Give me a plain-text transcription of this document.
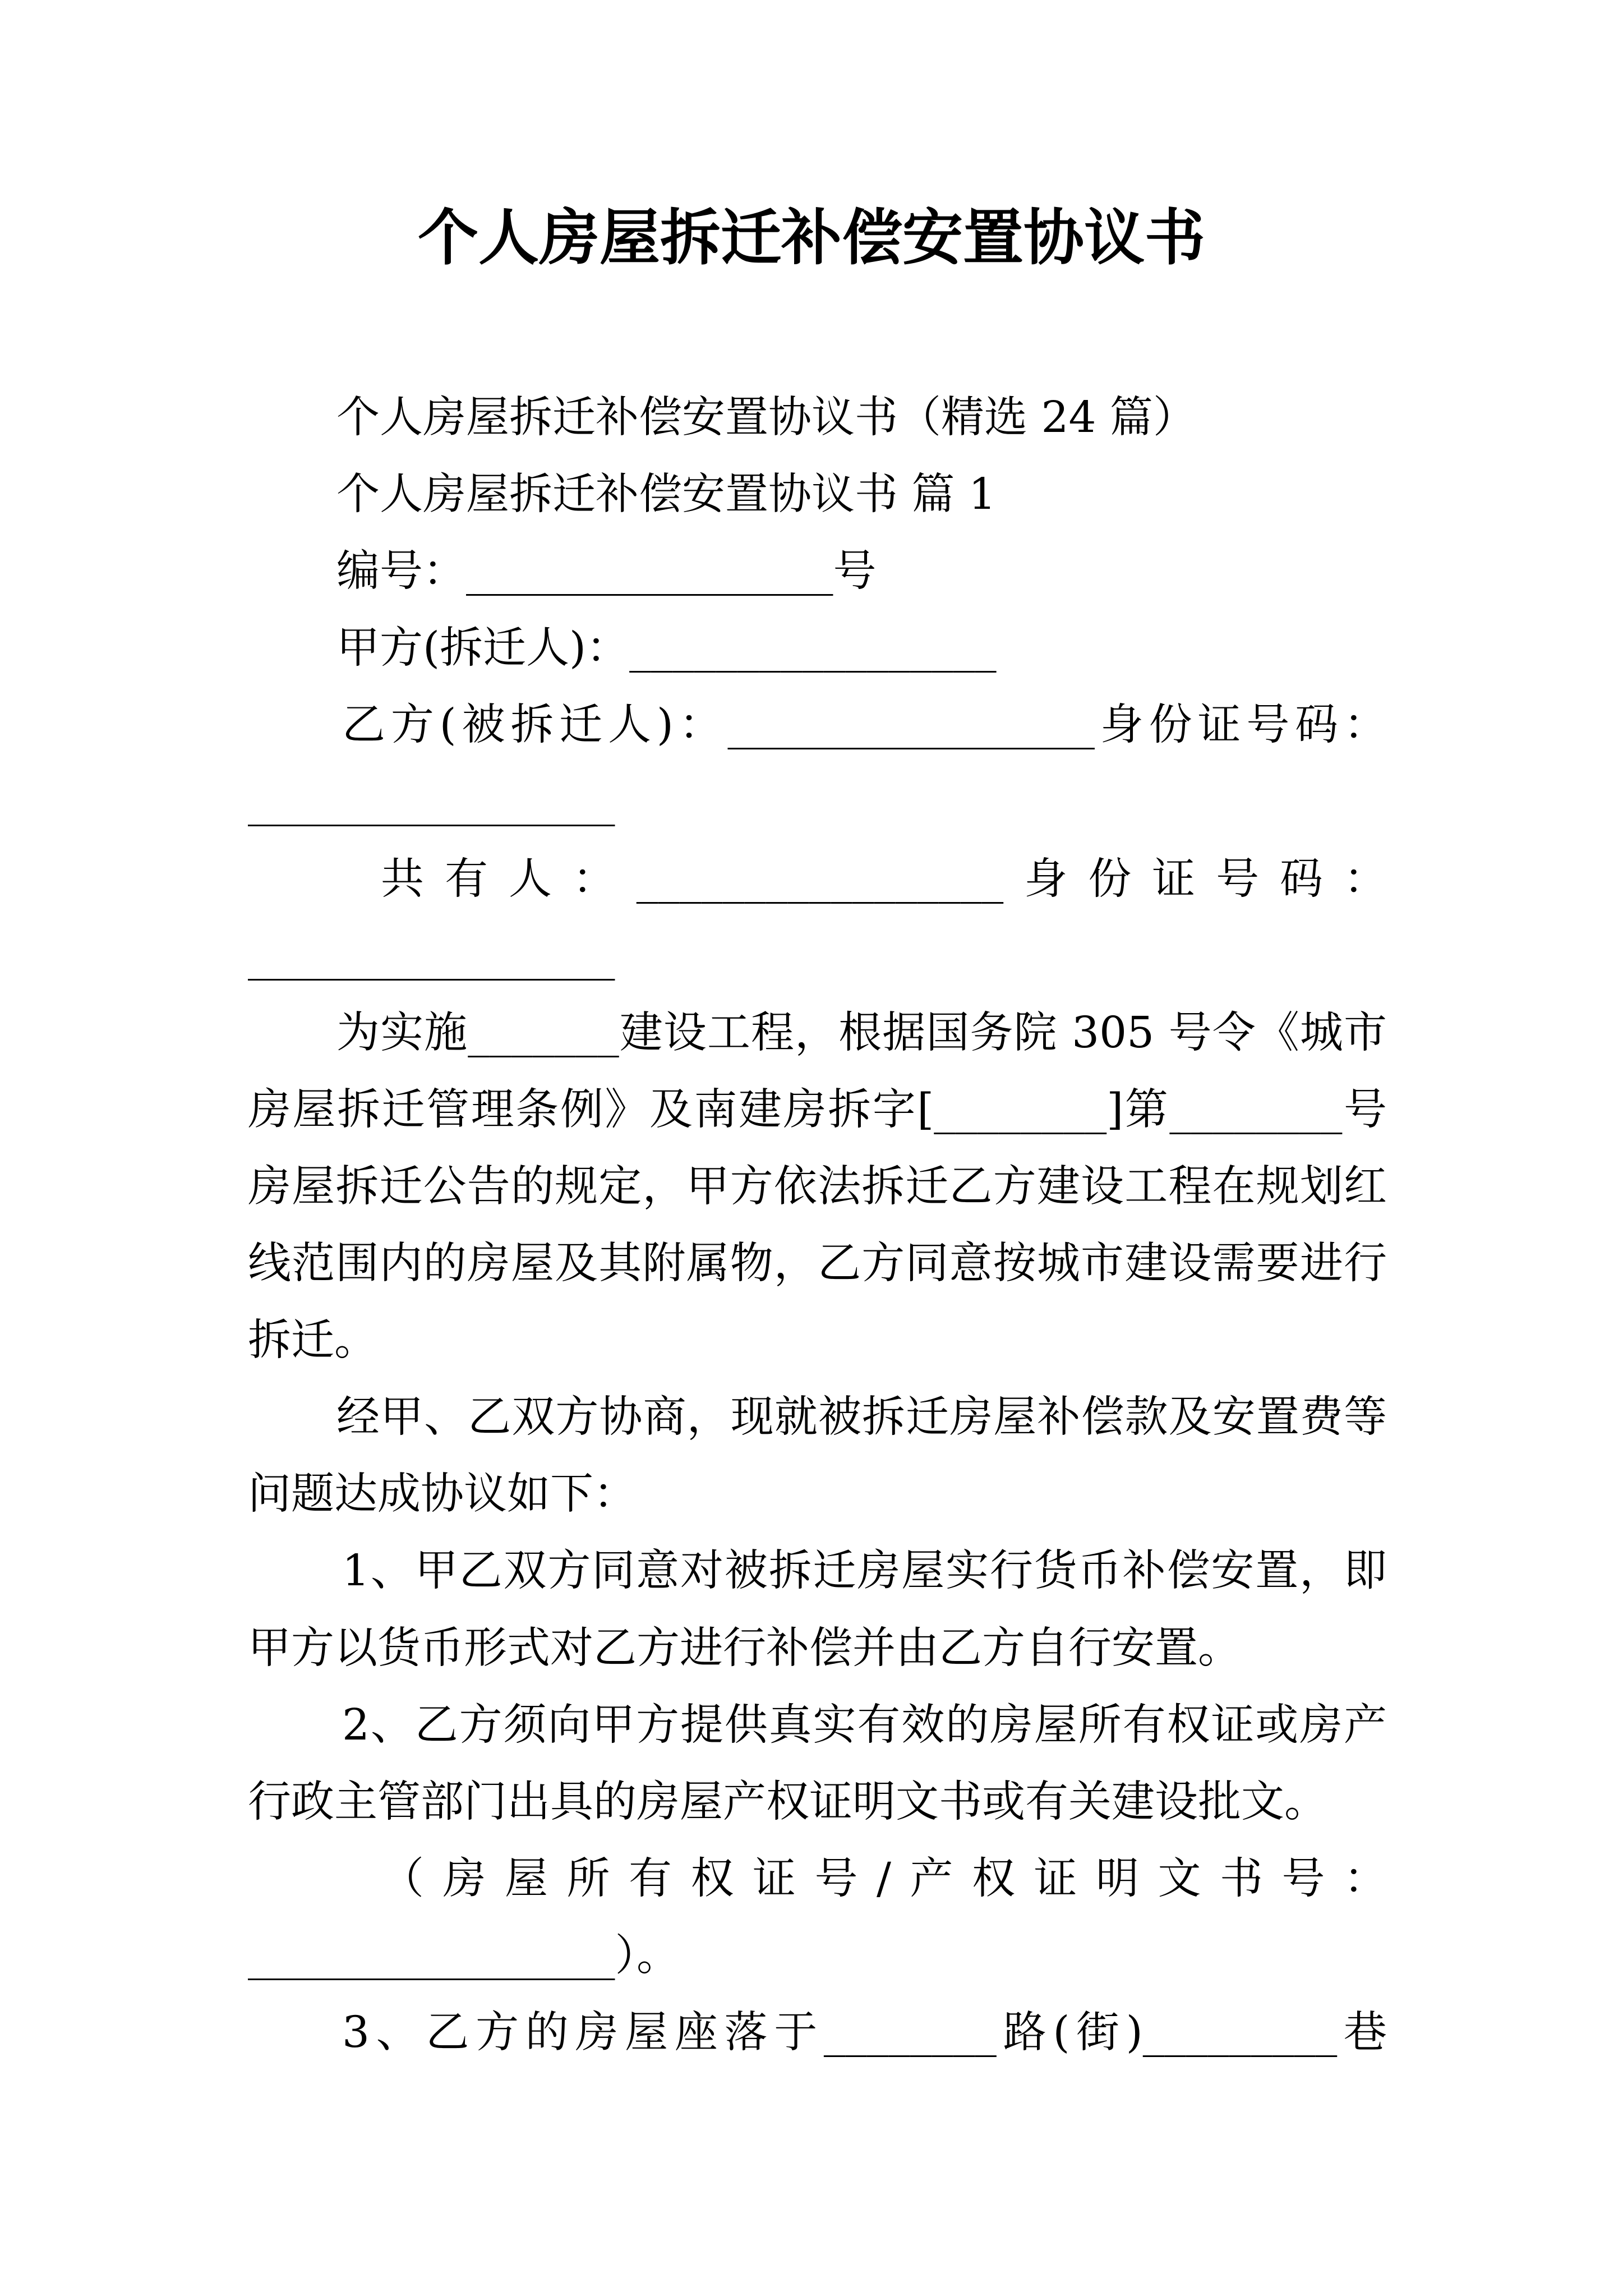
个人房屋拆迁补偿安置协议书
个人房屋拆迁补偿安置协议书（精选 24 篇）
个人房屋拆迁补偿安置协议书 篇 1
编号：_________________号
甲方(拆迁人)：_________________
乙方(被拆迁人)：_________________身份证号码：
_________________
共有人：_________________身份证号码：
_________________
为实施_______建设工程，根据国务院 305 号令《城市
房屋拆迁管理条例》及南建房拆字[________]第________号
房屋拆迁公告的规定，甲方依法拆迁乙方建设工程在规划红
线范围内的房屋及其附属物，乙方同意按城市建设需要进行
拆迁。
经甲、乙双方协商，现就被拆迁房屋补偿款及安置费等
问题达成协议如下：
1、甲乙双方同意对被拆迁房屋实行货币补偿安置，即
甲方以货币形式对乙方进行补偿并由乙方自行安置。
2、乙方须向甲方提供真实有效的房屋所有权证或房产
行政主管部门出具的房屋产权证明文书或有关建设批文。
（房屋所有权证号/产权证明文书号：
_________________）。
3、乙方的房屋座落于________路(街)_________巷
